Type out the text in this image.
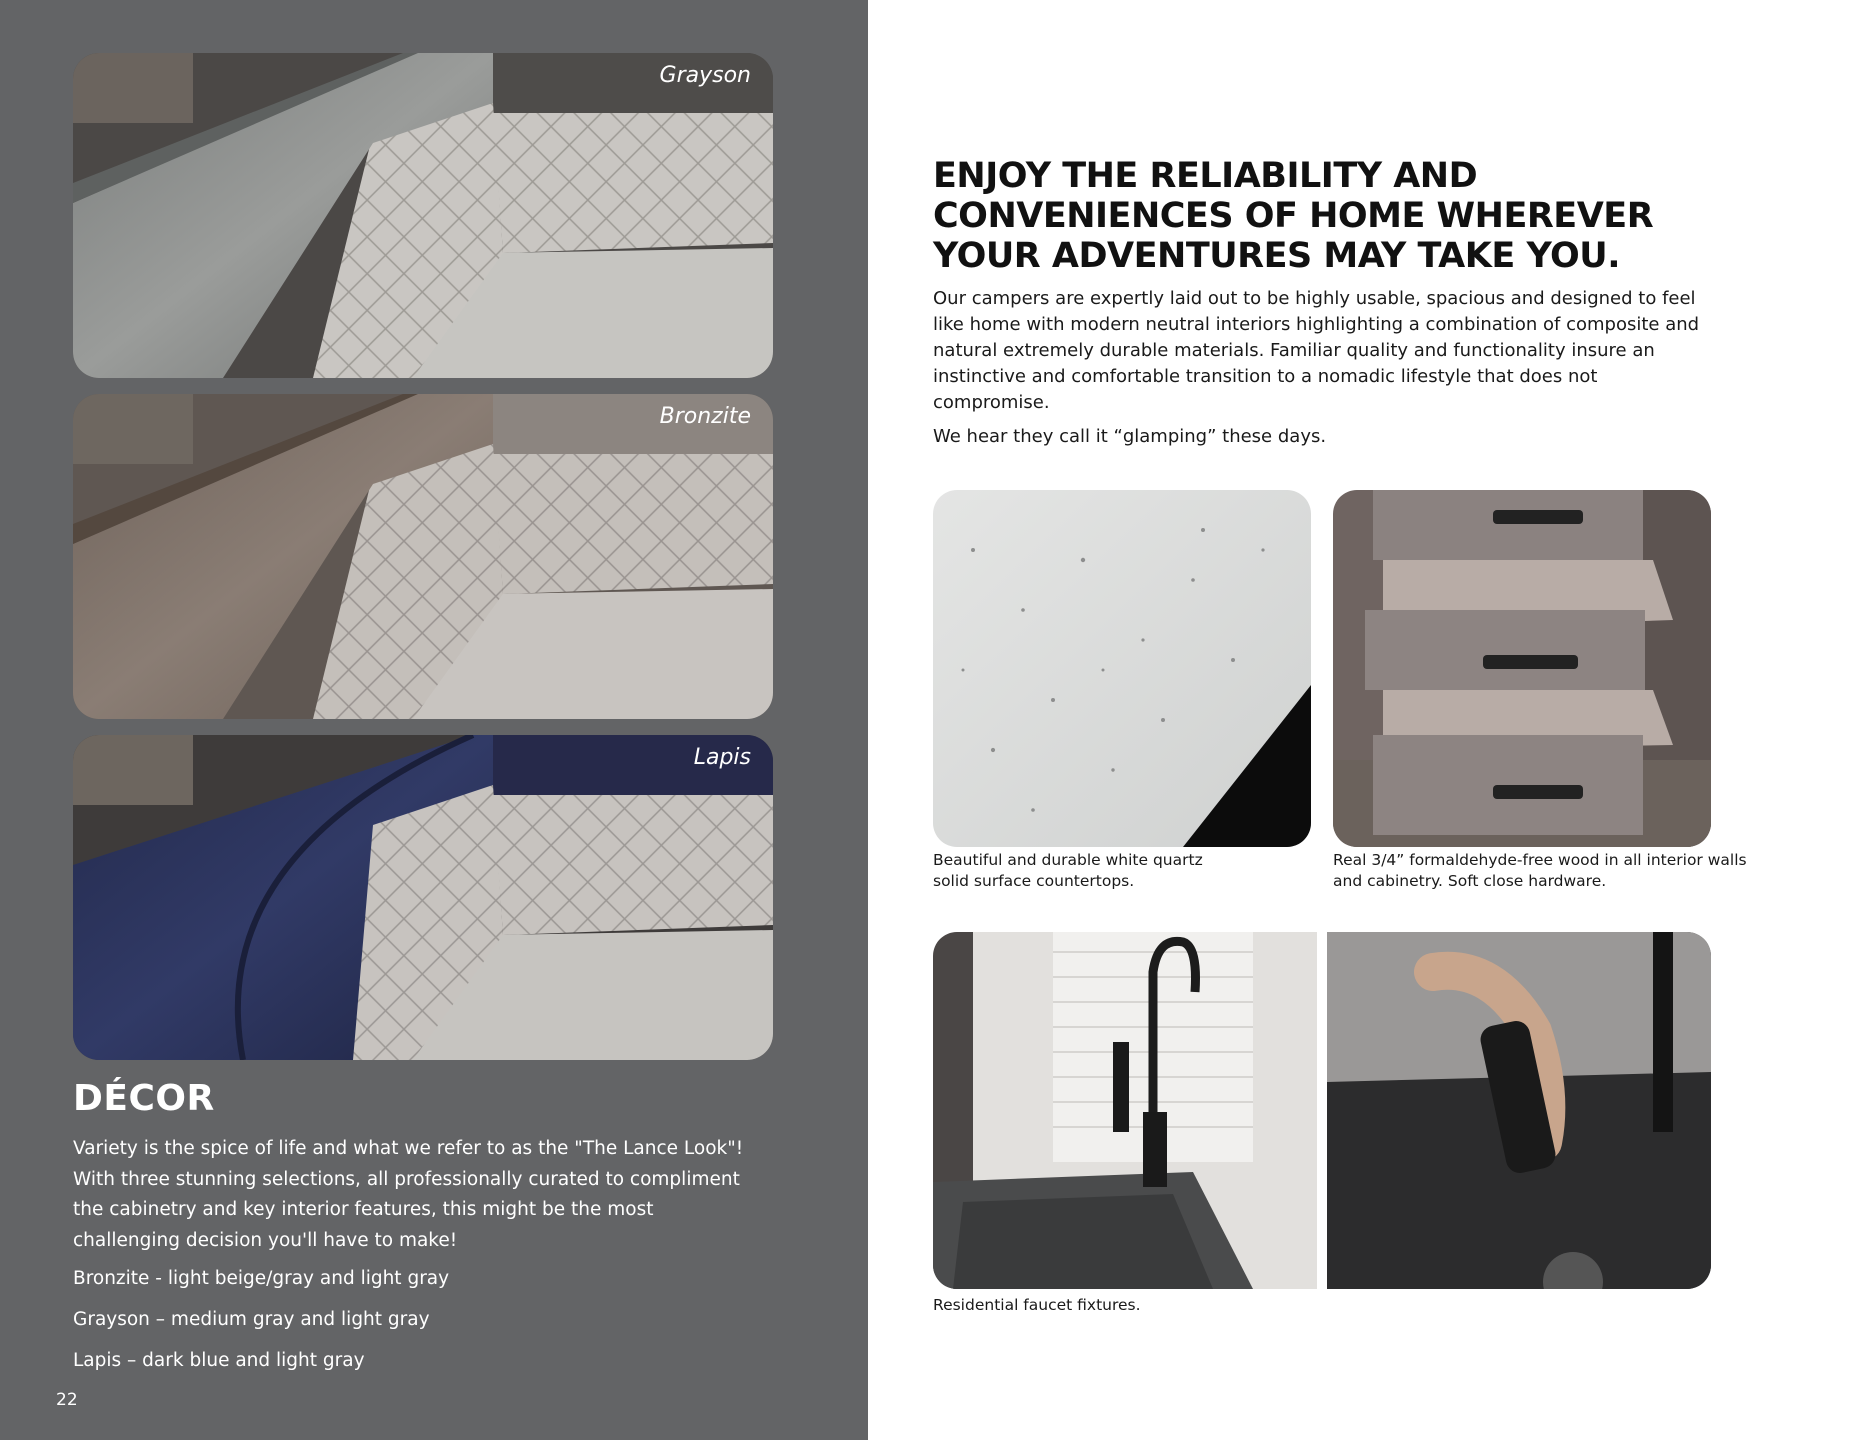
Grayson
Bronzite
Lapis
DÉCOR

Variety is the spice of life and what we refer to as the "The Lance Look"! With three stunning selections, all professionally curated to compliment the cabinetry and key interior features, this might be the most challenging decision you'll have to make!

Bronzite - light beige/gray and light gray

Grayson – medium gray and light gray

Lapis – dark blue and light gray

22
ENJOY THE RELIABILITY AND CONVENIENCES OF HOME WHEREVER YOUR ADVENTURES MAY TAKE YOU.

Our campers are expertly laid out to be highly usable, spacious and designed to feel like home with modern neutral interiors highlighting a combination of composite and natural extremely durable materials. Familiar quality and functionality insure an instinctive and comfortable transition to a nomadic lifestyle that does not compromise.

We hear they call it “glamping” these days.

Beautiful and durable white quartz solid surface countertops.

Real 3/4” formaldehyde-free wood in all interior walls and cabinetry. Soft close hardware.

Residential faucet fixtures.
